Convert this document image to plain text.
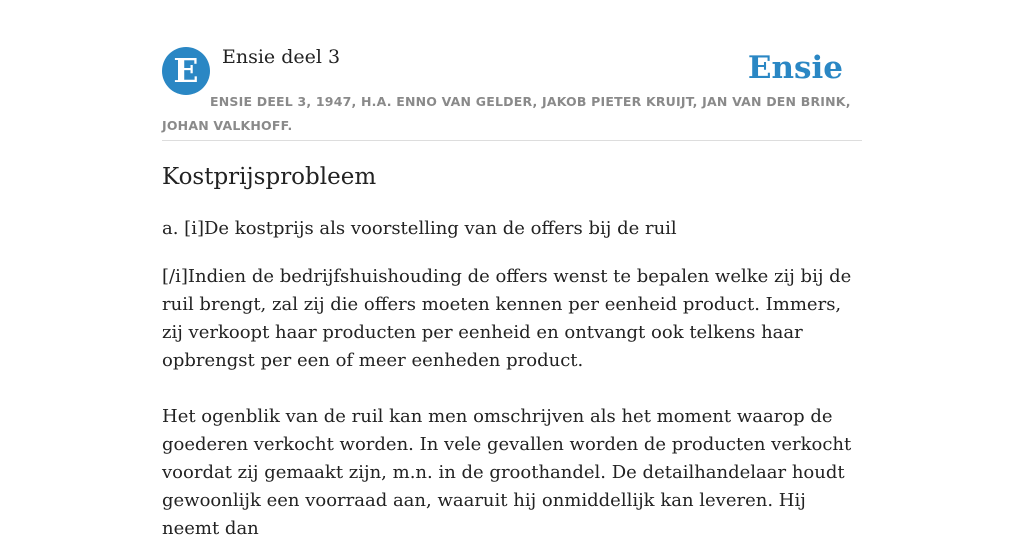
E	Ensie deel 3	Ensie
ENSIE DEEL 3, 1947, H.A. ENNO VAN GELDER, JAKOB PIETER KRUIJT, JAN VAN DEN BRINK, JOHAN VALKHOFF.
Kostprijsprobleem
a. [i]De kostprijs als voorstelling van de offers bij de ruil

[/i]Indien de bedrijfshuishouding de offers wenst te bepalen welke zij bij de ruil brengt, zal zij die offers moeten kennen per eenheid product. Immers, zij verkoopt haar producten per eenheid en ontvangt ook telkens haar opbrengst per een of meer eenheden product.

Het ogenblik van de ruil kan men omschrijven als het moment waarop de goederen verkocht worden. In vele gevallen worden de producten verkocht voordat zij gemaakt zijn, m.n. in de groothandel. De detailhandelaar houdt gewoonlijk een voorraad aan, waaruit hij onmiddellijk kan leveren. Hij neemt dan
